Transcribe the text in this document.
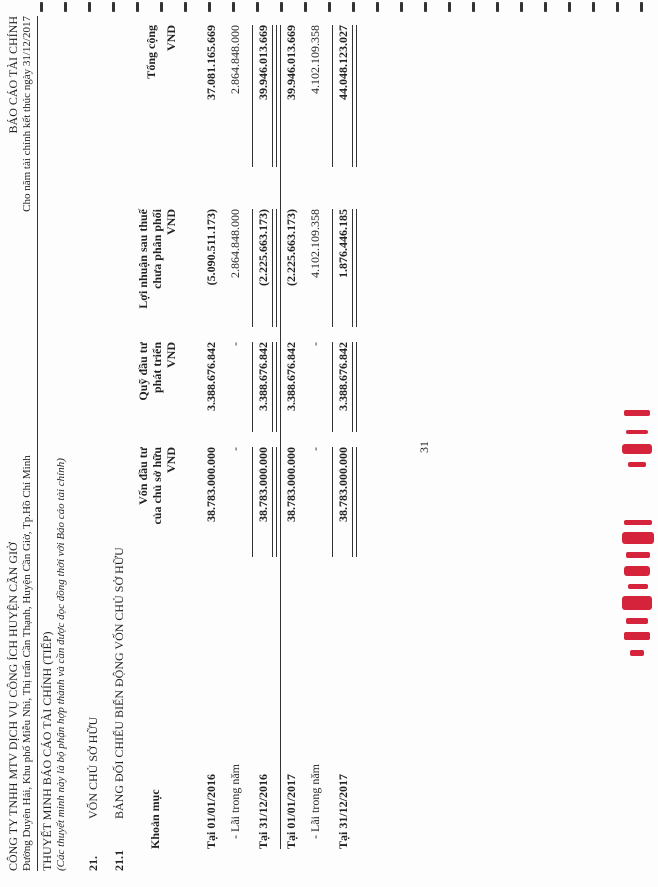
CÔNG TY TNHH MTV DỊCH VỤ CÔNG ÍCH HUYỆN CẦN GIỜ Đường Duyên Hải, Khu phố Miễu Nhì, Thị trấn Cần Thạnh, Huyện Cần Giờ, Tp.Hồ Chí Minh
BÁO CÁO TÀI CHÍNH Cho năm tài chính kết thúc ngày 31/12/2017
THUYẾT MINH BÁO CÁO TÀI CHÍNH (TIẾP) (Các thuyết minh này là bộ phận hợp thành và cần được đọc đồng thời với Báo cáo tài chính) 21.
VỐN CHỦ SỞ HỮU
21.1
BẢNG ĐỐI CHIẾU BIẾN ĐỘNG VỐN CHỦ SỞ HỮU
31
Khoản mục
Vốn đầu tư của chủ sở hữu VND
Quỹ đầu tư phát triển VND
Lợi nhuận sau thuế chưa phân phối VND
Tổng cộng VND
Tại 01/01/2016
38.783.000.000
3.388.676.842
(5.090.511.173)
37.081.165.669
- Lãi trong năm
-
-
2.864.848.000
2.864.848.000
Tại 31/12/2016
38.783.000.000
3.388.676.842
(2.225.663.173)
39.946.013.669
Tại 01/01/2017
38.783.000.000
3.388.676.842
(2.225.663.173)
39.946.013.669
- Lãi trong năm
-
-
4.102.109.358
4.102.109.358
Tại 31/12/2017
38.783.000.000
3.388.676.842
1.876.446.185
44.048.123.027
